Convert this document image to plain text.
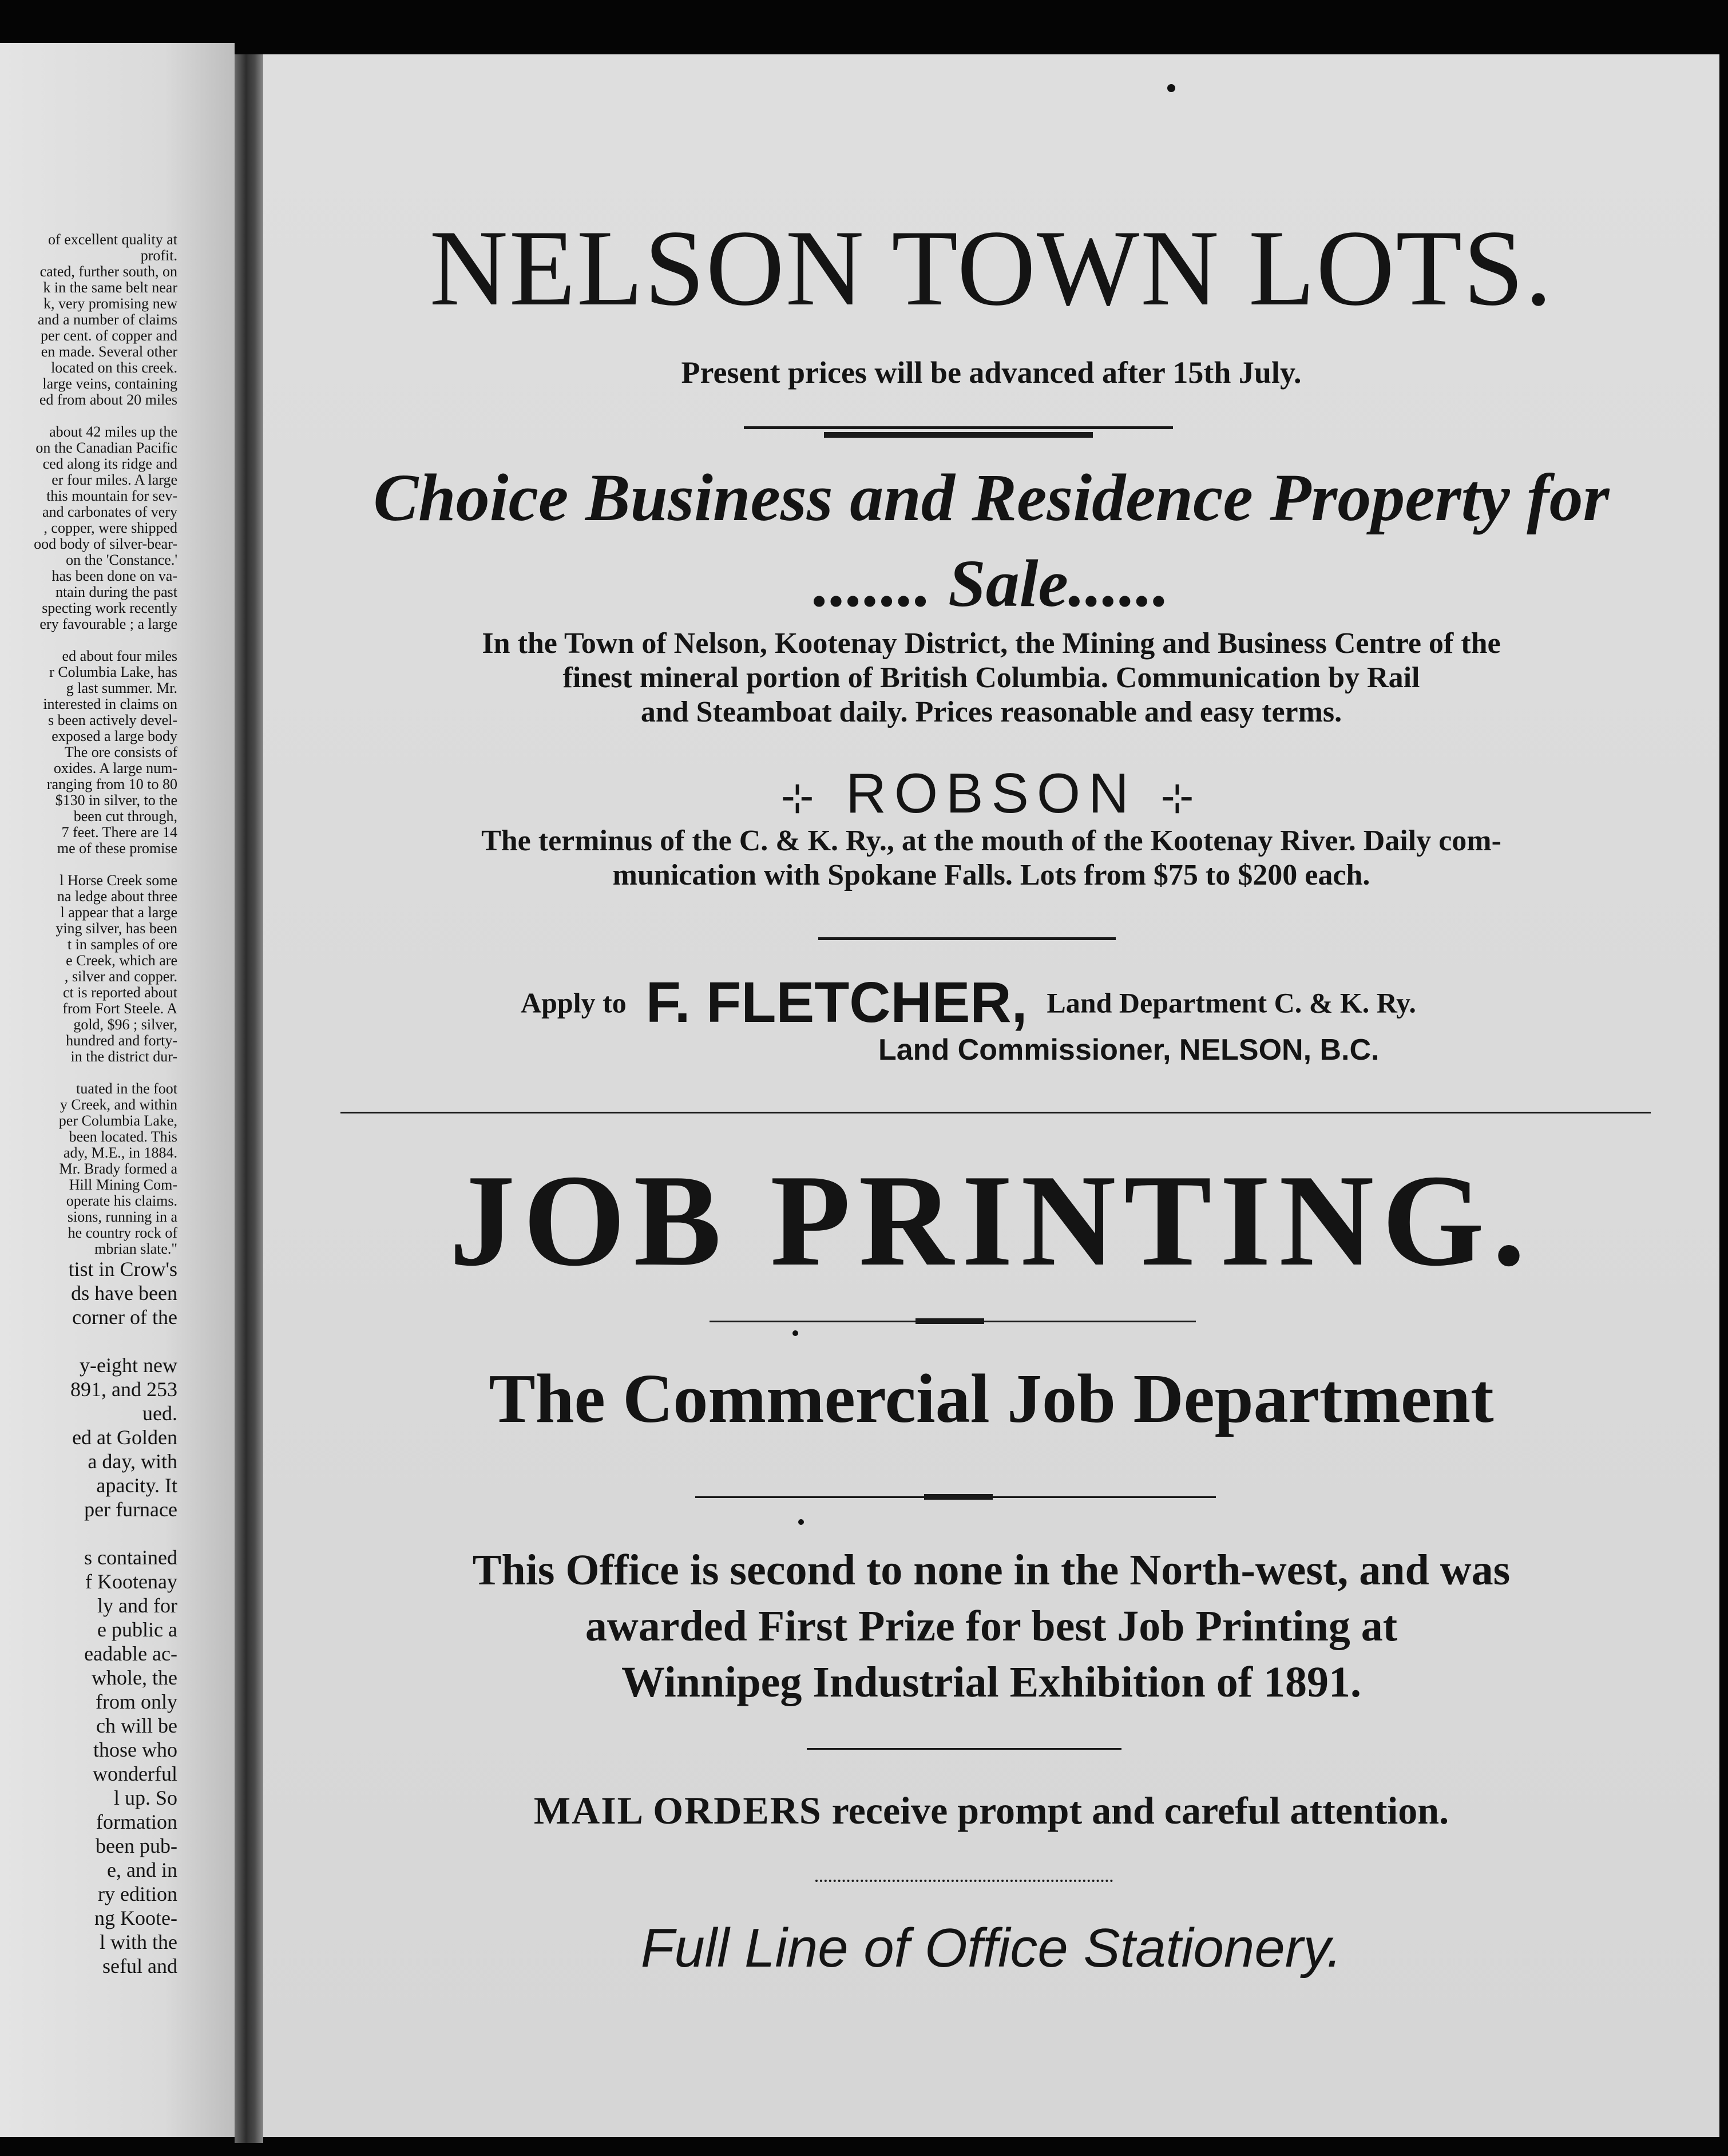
of excellent quality at
profit.
cated, further south, on
k in the same belt near
k, very promising new
and a number of claims
per cent. of copper and
en made. Several other
located on this creek.
large veins, containing
ed from about 20 miles

about 42 miles up the
on the Canadian Pacific
ced along its ridge and
er four miles. A large
this mountain for sev-
and carbonates of very
, copper, were shipped
ood body of silver-bear-
on the 'Constance.'
has been done on va-
ntain during the past
specting work recently
ery favourable ; a large

ed about four miles
r Columbia Lake, has
g last summer. Mr.
interested in claims on
s been actively devel-
exposed a large body
The ore consists of
oxides. A large num-
ranging from 10 to 80
$130 in silver, to the
been cut through,
7 feet. There are 14
me of these promise

l Horse Creek some
na ledge about three
l appear that a large
ying silver, has been
t in samples of ore
e Creek, which are
, silver and copper.
ct is reported about
from Fort Steele. A
gold, $96 ; silver,
hundred and forty-
in the district dur-

tuated in the foot
y Creek, and within
per Columbia Lake,
been located. This
ady, M.E., in 1884.
Mr. Brady formed a
Hill Mining Com-
operate his claims.
sions, running in a
he country rock of
mbrian slate."
tist in Crow's
ds have been
corner of the

y-eight new
891, and 253
ued.
ed at Golden
a day, with
apacity. It
per furnace

s contained
f Kootenay
ly and for
e public a
eadable ac-
whole, the
from only
ch will be
those who
wonderful
l up. So
formation
been pub-
e, and in
ry edition
ng Koote-
l with the
seful and
NELSON TOWN LOTS.
Present prices will be advanced after 15th July.
Choice Business and Residence Property for
....... Sale......
In the Town of Nelson, Kootenay District, the Mining and Business Centre of the
finest mineral portion of British Columbia. Communication by Rail
and Steamboat daily. Prices reasonable and easy terms.
⊹ ROBSON ⊹
The terminus of the C. & K. Ry., at the mouth of the Kootenay River. Daily com-
munication with Spokane Falls. Lots from $75 to $200 each.
Apply to F. FLETCHER, Land Department C. & K. Ry.
Land Commissioner, NELSON, B.C.
JOB PRINTING.
The Commercial Job Department
This Office is second to none in the North-west, and was
awarded First Prize for best Job Printing at
Winnipeg Industrial Exhibition of 1891.
MAIL ORDERS receive prompt and careful attention.
Full Line of Office Stationery.
